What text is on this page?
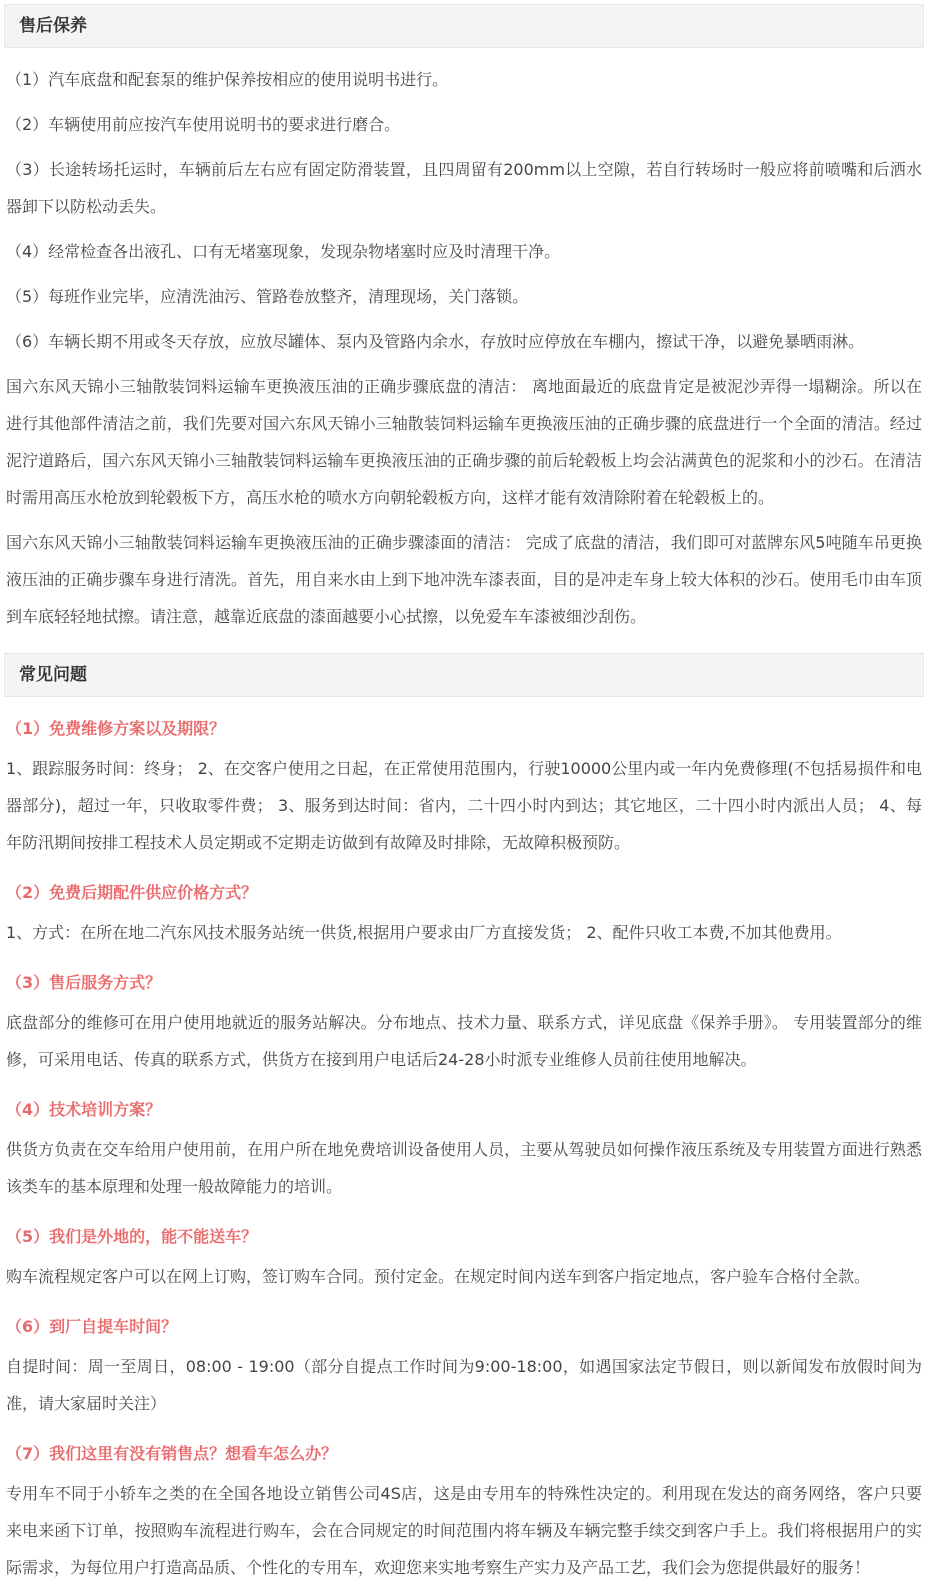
售后保养

（1）汽车底盘和配套泵的维护保养按相应的使用说明书进行。

（2）车辆使用前应按汽车使用说明书的要求进行磨合。

（3）长途转场托运时，车辆前后左右应有固定防滑装置，且四周留有200mm以上空隙，若自行转场时一般应将前喷嘴和后洒水器卸下以防松动丢失。

（4）经常检查各出液孔、口有无堵塞现象，发现杂物堵塞时应及时清理干净。

（5）每班作业完毕，应清洗油污、管路卷放整齐，清理现场，关门落锁。

（6）车辆长期不用或冬天存放，应放尽罐体、泵内及管路内余水，存放时应停放在车棚内，擦试干净，以避免暴晒雨淋。

国六东风天锦小三轴散装饲料运输车更换液压油的正确步骤底盘的清洁： 离地面最近的底盘肯定是被泥沙弄得一塌糊涂。所以在进行其他部件清洁之前，我们先要对国六东风天锦小三轴散装饲料运输车更换液压油的正确步骤的底盘进行一个全面的清洁。经过泥泞道路后，国六东风天锦小三轴散装饲料运输车更换液压油的正确步骤的前后轮毂板上均会沾满黄色的泥浆和小的沙石。在清洁时需用高压水枪放到轮毂板下方，高压水枪的喷水方向朝轮毂板方向，这样才能有效清除附着在轮毂板上的。

国六东风天锦小三轴散装饲料运输车更换液压油的正确步骤漆面的清洁： 完成了底盘的清洁，我们即可对蓝牌东风5吨随车吊更换液压油的正确步骤车身进行清洗。首先，用自来水由上到下地冲洗车漆表面，目的是冲走车身上较大体积的沙石。使用毛巾由车顶到车底轻轻地拭擦。请注意，越靠近底盘的漆面越要小心拭擦，以免爱车车漆被细沙刮伤。

常见问题
（1）免费维修方案以及期限？

1、跟踪服务时间：终身； 2、在交客户使用之日起，在正常使用范围内，行驶10000公里内或一年内免费修理(不包括易损件和电器部分)，超过一年，只收取零件费； 3、服务到达时间：省内，二十四小时内到达；其它地区，二十四小时内派出人员； 4、每年防汛期间按排工程技术人员定期或不定期走访做到有故障及时排除，无故障积极预防。

（2）免费后期配件供应价格方式？

1、方式：在所在地二汽东风技术服务站统一供货,根据用户要求由厂方直接发货； 2、配件只收工本费,不加其他费用。

（3）售后服务方式？

底盘部分的维修可在用户使用地就近的服务站解决。分布地点、技术力量、联系方式，详见底盘《保养手册》。 专用装置部分的维修，可采用电话、传真的联系方式，供货方在接到用户电话后24-28小时派专业维修人员前往使用地解决。

（4）技术培训方案？

供货方负责在交车给用户使用前，在用户所在地免费培训设备使用人员，主要从驾驶员如何操作液压系统及专用装置方面进行熟悉该类车的基本原理和处理一般故障能力的培训。

（5）我们是外地的，能不能送车？

购车流程规定客户可以在网上订购，签订购车合同。预付定金。在规定时间内送车到客户指定地点，客户验车合格付全款。

（6）到厂自提车时间？

自提时间：周一至周日，08:00 - 19:00（部分自提点工作时间为9:00-18:00，如遇国家法定节假日，则以新闻发布放假时间为准，请大家届时关注）

（7）我们这里有没有销售点？想看车怎么办？

专用车不同于小轿车之类的在全国各地设立销售公司4S店，这是由专用车的特殊性决定的。利用现在发达的商务网络，客户只要来电来函下订单，按照购车流程进行购车，会在合同规定的时间范围内将车辆及车辆完整手续交到客户手上。我们将根据用户的实际需求，为每位用户打造高品质、个性化的专用车，欢迎您来实地考察生产实力及产品工艺，我们会为您提供最好的服务！
